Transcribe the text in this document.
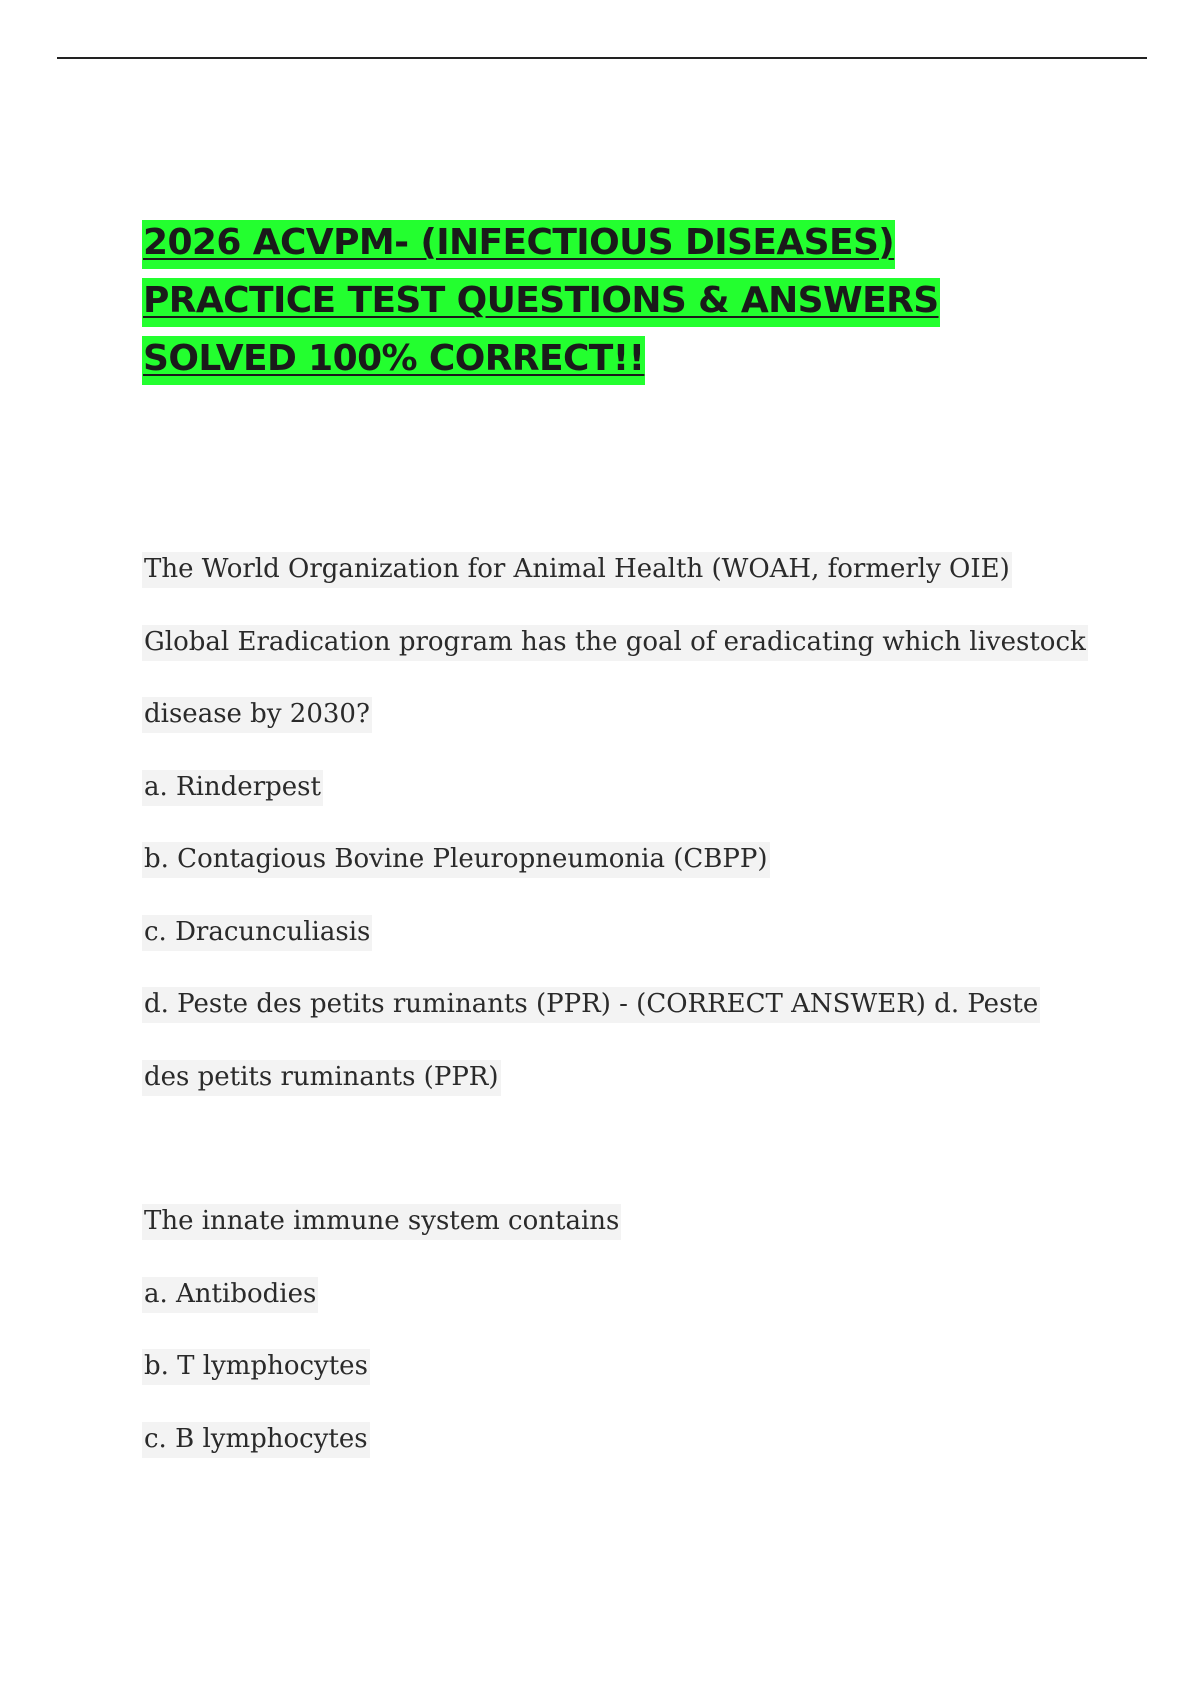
2026 ACVPM- (INFECTIOUS DISEASES)
PRACTICE TEST QUESTIONS & ANSWERS
SOLVED 100% CORRECT!!
The World Organization for Animal Health (WOAH, formerly OIE)
Global Eradication program has the goal of eradicating which livestock
disease by 2030?
a. Rinderpest
b. Contagious Bovine Pleuropneumonia (CBPP)
c. Dracunculiasis
d. Peste des petits ruminants (PPR) - (CORRECT ANSWER) d. Peste
des petits ruminants (PPR)
The innate immune system contains
a. Antibodies
b. T lymphocytes
c. B lymphocytes
